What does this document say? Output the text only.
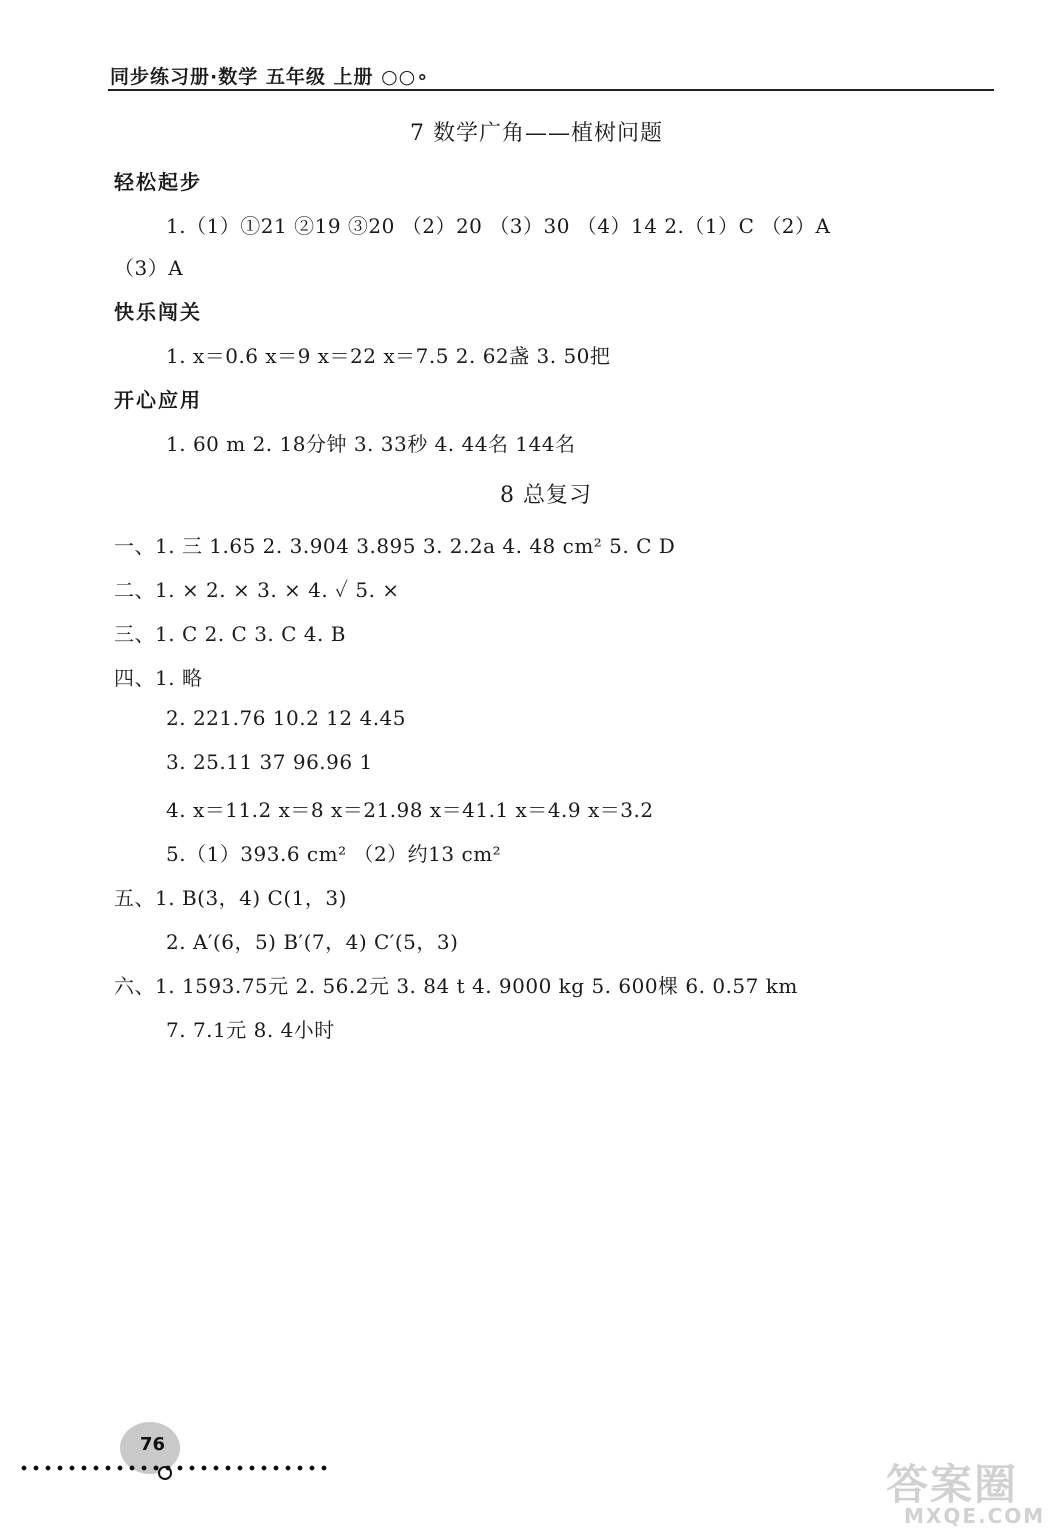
同步练习册·数学 五年级 上册 ○○∘
7 数学广角——植树问题
轻松起步
1.（1）①21 ②19 ③20 （2）20 （3）30 （4）14 2.（1）C （2）A
（3）A
快乐闯关
1. x＝0.6 x＝9 x＝22 x＝7.5 2. 62盏 3. 50把
开心应用
1. 60 m 2. 18分钟 3. 33秒 4. 44名 144名
8 总复习
一、1. 三 1.65 2. 3.904 3.895 3. 2.2a 4. 48 cm² 5. C D
二、1. × 2. × 3. × 4. ✓ 5. ×
三、1. C 2. C 3. C 4. B
四、1. 略
2. 221.76 10.2 12 4.45
3. 25.11 37 96.96 1
4. x＝11.2 x＝8 x＝21.98 x＝41.1 x＝4.9 x＝3.2
5.（1）393.6 cm² （2）约13 cm²
五、1. B(3，4) C(1，3)
2. A′(6，5) B′(7，4) C′(5，3)
六、1. 1593.75元 2. 56.2元 3. 84 t 4. 9000 kg 5. 600棵 6. 0.57 km
7. 7.1元 8. 4小时
76
答案圈
MXQE.COM
